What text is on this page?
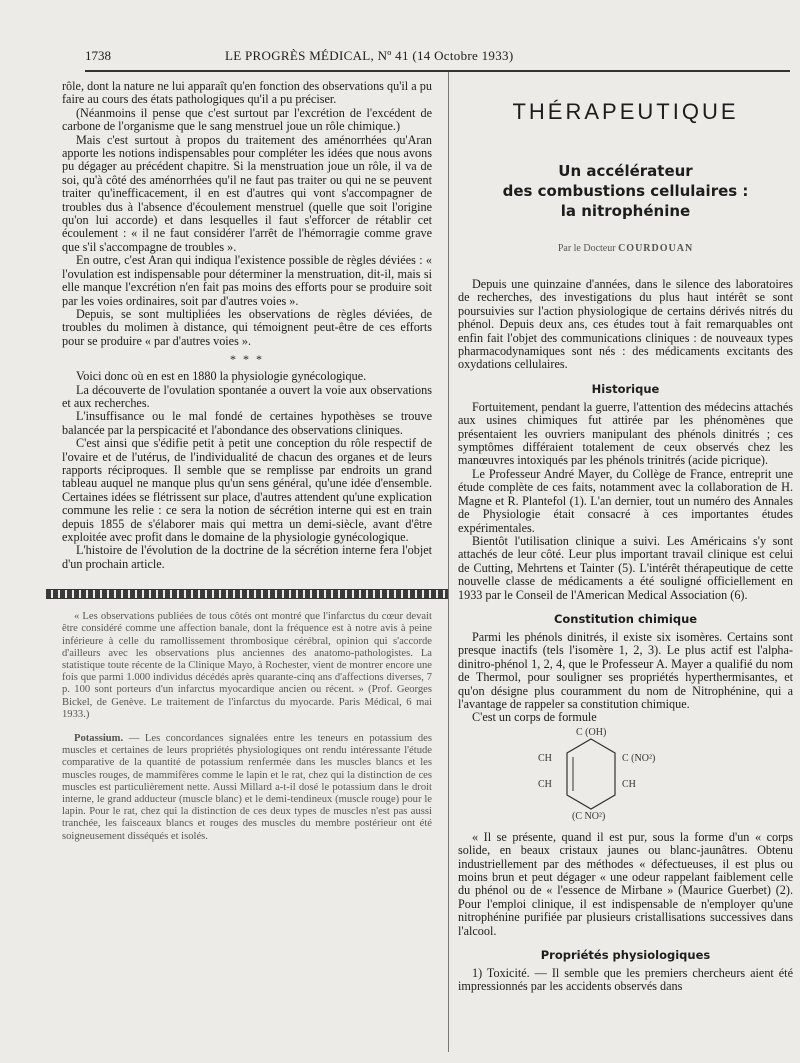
1738	LE PROGRÈS MÉDICAL, Nº 41 (14 Octobre 1933)

rôle, dont la nature ne lui apparaît qu'en fonction des observations qu'il a pu faire au cours des états pathologiques qu'il a pu préciser.

(Néanmoins il pense que c'est surtout par l'excrétion de l'excédent de carbone de l'organisme que le sang menstruel joue un rôle chimique.)

Mais c'est surtout à propos du traitement des aménorrhées qu'Aran apporte les notions indispensables pour compléter les idées que nous avons pu dégager au précédent chapitre. Si la menstruation joue un rôle, il va de soi, qu'à côté des aménorrhées qu'il ne faut pas traiter ou qui ne se peuvent traiter qu'inefficacement, il en est d'autres qui vont s'accompagner de troubles dus à l'absence d'écoulement menstruel (quelle que soit l'origine qu'on lui accorde) et dans lesquelles il faut s'efforcer de rétablir cet écoulement : « il ne faut considérer l'arrêt de l'hémorragie comme grave que s'il s'accompagne de troubles ».

En outre, c'est Aran qui indiqua l'existence possible de règles déviées : « l'ovulation est indispensable pour déterminer la menstruation, dit-il, mais si elle manque l'excrétion n'en fait pas moins des efforts pour se produire soit par les voies ordinaires, soit par d'autres voies ».

Depuis, se sont multipliées les observations de règles déviées, de troubles du molimen à distance, qui témoignent peut-être de ces efforts pour se produire « par d'autres voies ».

* * *

Voici donc où en est en 1880 la physiologie gynécologique.

La découverte de l'ovulation spontanée a ouvert la voie aux observations et aux recherches.

L'insuffisance ou le mal fondé de certaines hypothèses se trouve balancée par la perspicacité et l'abondance des observations cliniques.

C'est ainsi que s'édifie petit à petit une conception du rôle respectif de l'ovaire et de l'utérus, de l'individualité de chacun des organes et de leurs rapports réciproques. Il semble que se remplisse par endroits un grand tableau auquel ne manque plus qu'un sens général, qu'une idée d'ensemble. Certaines idées se flétrissent sur place, d'autres attendent qu'une explication commune les relie : ce sera la notion de sécrétion interne qui est en train depuis 1855 de s'élaborer mais qui mettra un demi-siècle, avant d'être exploitée avec profit dans le domaine de la physiologie gynécologique.

L'histoire de l'évolution de la doctrine de la sécrétion interne fera l'objet d'un prochain article.

« Les observations publiées de tous côtés ont montré que l'infarctus du cœur devait être considéré comme une affection banale, dont la fréquence est à notre avis à peine inférieure à celle du ramollissement thrombosique cérébral, opinion qui s'accorde d'ailleurs avec les observations plus anciennes des anatomo-pathologistes. La statistique toute récente de la Clinique Mayo, à Rochester, vient de montrer encore une fois que parmi 1.000 individus décédés après quarante-cinq ans d'affections diverses, 7 p. 100 sont porteurs d'un infarctus myocardique ancien ou récent. » (Prof. Georges Bickel, de Genève. Le traitement de l'infarctus du myocarde. Paris Médical, 6 mai 1933.)

Potassium. — Les concordances signalées entre les teneurs en potassium des muscles et certaines de leurs propriétés physiologiques ont rendu intéressante l'étude comparative de la quantité de potassium renfermée dans les muscles blancs et les muscles rouges, de mammifères comme le lapin et le rat, chez qui la distinction de ces muscles est particulièrement nette. Aussi Millard a-t-il dosé le potassium dans le droit interne, le grand adducteur (muscle blanc) et le demi-tendineux (muscle rouge) pour le lapin. Pour le rat, chez qui la distinction de ces deux types de muscles n'est pas aussi tranchée, les faisceaux blancs et rouges des muscles du membre postérieur ont été soigneusement disséqués et isolés.

THÉRAPEUTIQUE
Un accélérateur
des combustions cellulaires :
la nitrophénine
Par le Docteur COURDOUAN

Depuis une quinzaine d'années, dans le silence des laboratoires de recherches, des investigations du plus haut intérêt se sont poursuivies sur l'action physiologique de certains dérivés nitrés du phénol. Depuis deux ans, ces études tout à fait remarquables ont enfin fait l'objet des communications cliniques : de nouveaux types pharmacodynamiques sont nés : des médicaments excitants des oxydations cellulaires.

Historique

Fortuitement, pendant la guerre, l'attention des médecins attachés aux usines chimiques fut attirée par les phénomènes que présentaient les ouvriers manipulant des phénols dinitrés ; ces symptômes différaient totalement de ceux observés chez les manœuvres intoxiqués par les phénols trinitrés (acide picrique).

Le Professeur André Mayer, du Collège de France, entreprit une étude complète de ces faits, notamment avec la collaboration de H. Magne et R. Plantefol (1). L'an dernier, tout un numéro des Annales de Physiologie était consacré à ces importantes études expérimentales.

Bientôt l'utilisation clinique a suivi. Les Américains s'y sont attachés de leur côté. Leur plus important travail clinique est celui de Cutting, Mehrtens et Tainter (5). L'intérêt thérapeutique de cette nouvelle classe de médicaments a été souligné officiellement en 1933 par le Conseil de l'American Medical Association (6).

Constitution chimique

Parmi les phénols dinitrés, il existe six isomères. Certains sont presque inactifs (tels l'isomère 1, 2, 3). Le plus actif est l'alpha-dinitro-phénol 1, 2, 4, que le Professeur A. Mayer a qualifié du nom de Thermol, pour souligner ses propriétés hyperthermisantes, et qu'on désigne plus couramment du nom de Nitrophénine, qui a l'avantage de rappeler sa constitution chimique.

C'est un corps de formule

C (OH)
CH
CH
C (NO²)
CH
(C NO²)

« Il se présente, quand il est pur, sous la forme d'un « corps solide, en beaux cristaux jaunes ou blanc-jaunâtres. Obtenu industriellement par des méthodes « défectueuses, il est plus ou moins brun et peut dégager « une odeur rappelant faiblement celle du phénol ou de « l'essence de Mirbane » (Maurice Guerbet) (2). Pour l'emploi clinique, il est indispensable de n'employer qu'une nitrophénine purifiée par plusieurs cristallisations successives dans l'alcool.

Propriétés physiologiques

1) Toxicité. — Il semble que les premiers chercheurs aient été impressionnés par les accidents observés dans
